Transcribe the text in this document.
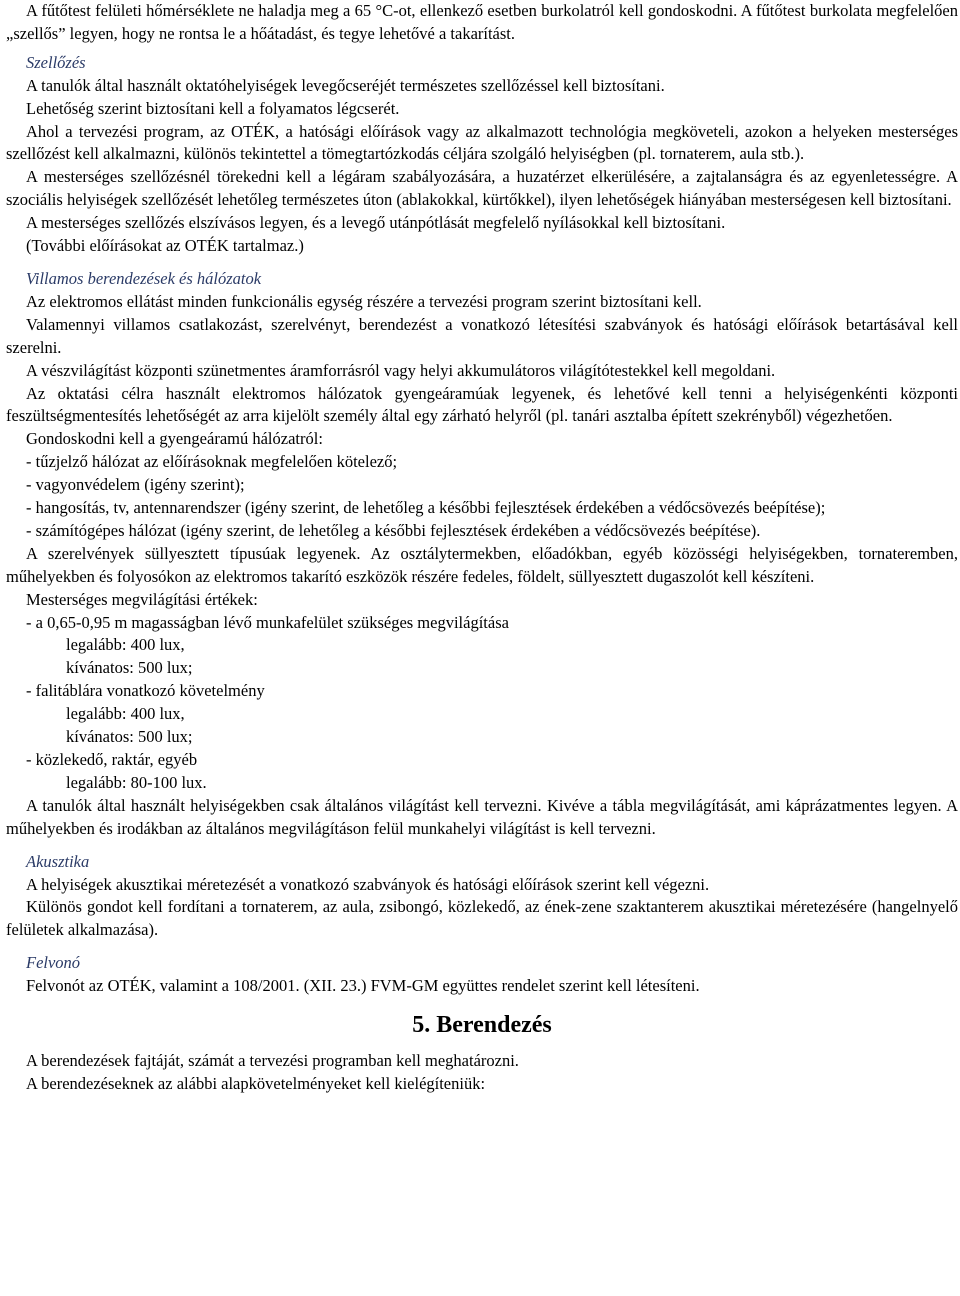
A fűtőtest felületi hőmérséklete ne haladja meg a 65 °C-ot, ellenkező esetben burkolatról kell gondoskodni. A fűtőtest burkolata megfelelően „szellős” legyen, hogy ne rontsa le a hőátadást, és tegye lehetővé a takarítást.

Szellőzés

A tanulók által használt oktatóhelyiségek levegőcseréjét természetes szellőzéssel kell biztosítani.

Lehetőség szerint biztosítani kell a folyamatos légcserét.

Ahol a tervezési program, az OTÉK, a hatósági előírások vagy az alkalmazott technológia megköveteli, azokon a helyeken mesterséges szellőzést kell alkalmazni, különös tekintettel a tömegtartózkodás céljára szolgáló helyiségben (pl. tornaterem, aula stb.).

A mesterséges szellőzésnél törekedni kell a légáram szabályozására, a huzatérzet elkerülésére, a zajtalanságra és az egyenletességre. A szociális helyiségek szellőzését lehetőleg természetes úton (ablakokkal, kürtőkkel), ilyen lehetőségek hiányában mesterségesen kell biztosítani.

A mesterséges szellőzés elszívásos legyen, és a levegő utánpótlását megfelelő nyílásokkal kell biztosítani.

(További előírásokat az OTÉK tartalmaz.)

Villamos berendezések és hálózatok

Az elektromos ellátást minden funkcionális egység részére a tervezési program szerint biztosítani kell.

Valamennyi villamos csatlakozást, szerelvényt, berendezést a vonatkozó létesítési szabványok és hatósági előírások betartásával kell szerelni.

A vészvilágítást központi szünetmentes áramforrásról vagy helyi akkumulátoros világítótestekkel kell megoldani.

Az oktatási célra használt elektromos hálózatok gyengeáramúak legyenek, és lehetővé kell tenni a helyiségenkénti központi feszültségmentesítés lehetőségét az arra kijelölt személy által egy zárható helyről (pl. tanári asztalba épített szekrényből) végezhetően.

Gondoskodni kell a gyengeáramú hálózatról:

- tűzjelző hálózat az előírásoknak megfelelően kötelező;

- vagyonvédelem (igény szerint);

- hangosítás, tv, antennarendszer (igény szerint, de lehetőleg a későbbi fejlesztések érdekében a védőcsövezés beépítése);

- számítógépes hálózat (igény szerint, de lehetőleg a későbbi fejlesztések érdekében a védőcsövezés beépítése).

A szerelvények süllyesztett típusúak legyenek. Az osztálytermekben, előadókban, egyéb közösségi helyiségekben, tornateremben, műhelyekben és folyosókon az elektromos takarító eszközök részére fedeles, földelt, süllyesztett dugaszolót kell készíteni.

Mesterséges megvilágítási értékek:

- a 0,65-0,95 m magasságban lévő munkafelület szükséges megvilágítása
legalább: 400 lux,
kívánatos: 500 lux;
- falitáblára vonatkozó követelmény
legalább: 400 lux,
kívánatos: 500 lux;
- közlekedő, raktár, egyéb
legalább: 80-100 lux.

A tanulók által használt helyiségekben csak általános világítást kell tervezni. Kivéve a tábla megvilágítását, ami káprázatmentes legyen. A műhelyekben és irodákban az általános megvilágításon felül munkahelyi világítást is kell tervezni.

Akusztika

A helyiségek akusztikai méretezését a vonatkozó szabványok és hatósági előírások szerint kell végezni.

Különös gondot kell fordítani a tornaterem, az aula, zsibongó, közlekedő, az ének-zene szaktanterem akusztikai méretezésére (hangelnyelő felületek alkalmazása).

Felvonó

Felvonót az OTÉK, valamint a 108/2001. (XII. 23.) FVM-GM együttes rendelet szerint kell létesíteni.

5. Berendezés

A berendezések fajtáját, számát a tervezési programban kell meghatározni.

A berendezéseknek az alábbi alapkövetelményeket kell kielégíteniük:
